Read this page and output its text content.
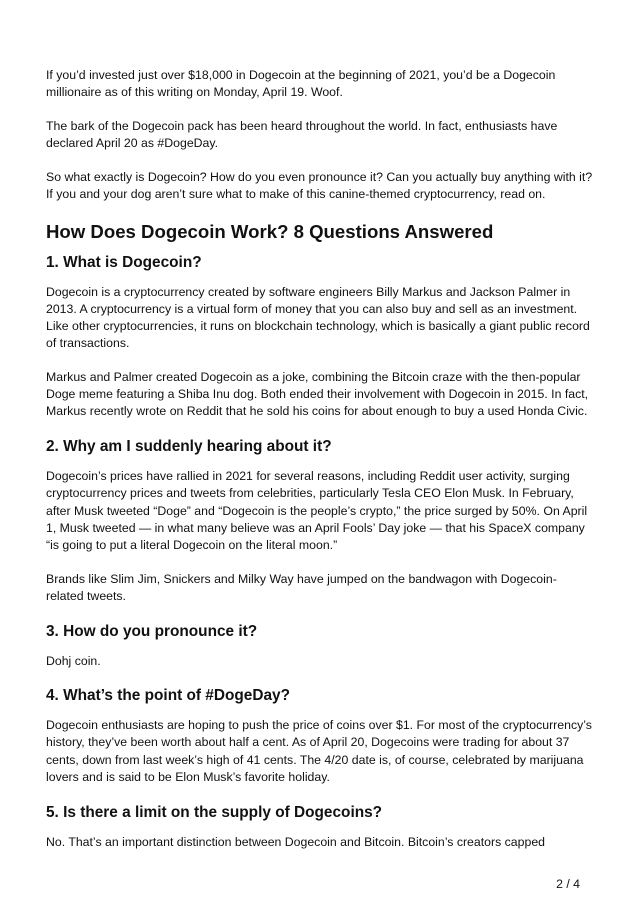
If you’d invested just over $18,000 in Dogecoin at the beginning of 2021, you’d be a Dogecoin millionaire as of this writing on Monday, April 19. Woof.

The bark of the Dogecoin pack has been heard throughout the world. In fact, enthusiasts have declared April 20 as #DogeDay.

So what exactly is Dogecoin? How do you even pronounce it? Can you actually buy anything with it? If you and your dog aren’t sure what to make of this canine-themed cryptocurrency, read on.

How Does Dogecoin Work? 8 Questions Answered
1. What is Dogecoin?

Dogecoin is a cryptocurrency created by software engineers Billy Markus and Jackson Palmer in 2013. A cryptocurrency is a virtual form of money that you can also buy and sell as an investment. Like other cryptocurrencies, it runs on blockchain technology, which is basically a giant public record of transactions.

Markus and Palmer created Dogecoin as a joke, combining the Bitcoin craze with the then-popular Doge meme featuring a Shiba Inu dog. Both ended their involvement with Dogecoin in 2015. In fact, Markus recently wrote on Reddit that he sold his coins for about enough to buy a used Honda Civic.

2. Why am I suddenly hearing about it?

Dogecoin’s prices have rallied in 2021 for several reasons, including Reddit user activity, surging cryptocurrency prices and tweets from celebrities, particularly Tesla CEO Elon Musk. In February, after Musk tweeted “Doge” and “Dogecoin is the people’s crypto,” the price surged by 50%. On April 1, Musk tweeted — in what many believe was an April Fools’ Day joke — that his SpaceX company “is going to put a literal Dogecoin on the literal moon.”

Brands like Slim Jim, Snickers and Milky Way have jumped on the bandwagon with Dogecoin-related tweets.

3. How do you pronounce it?

Dohj coin.

4. What’s the point of #DogeDay?

Dogecoin enthusiasts are hoping to push the price of coins over $1. For most of the cryptocurrency’s history, they’ve been worth about half a cent. As of April 20, Dogecoins were trading for about 37 cents, down from last week’s high of 41 cents. The 4/20 date is, of course, celebrated by marijuana lovers and is said to be Elon Musk’s favorite holiday.

5. Is there a limit on the supply of Dogecoins?

No. That’s an important distinction between Dogecoin and Bitcoin. Bitcoin’s creators capped

2 / 4
